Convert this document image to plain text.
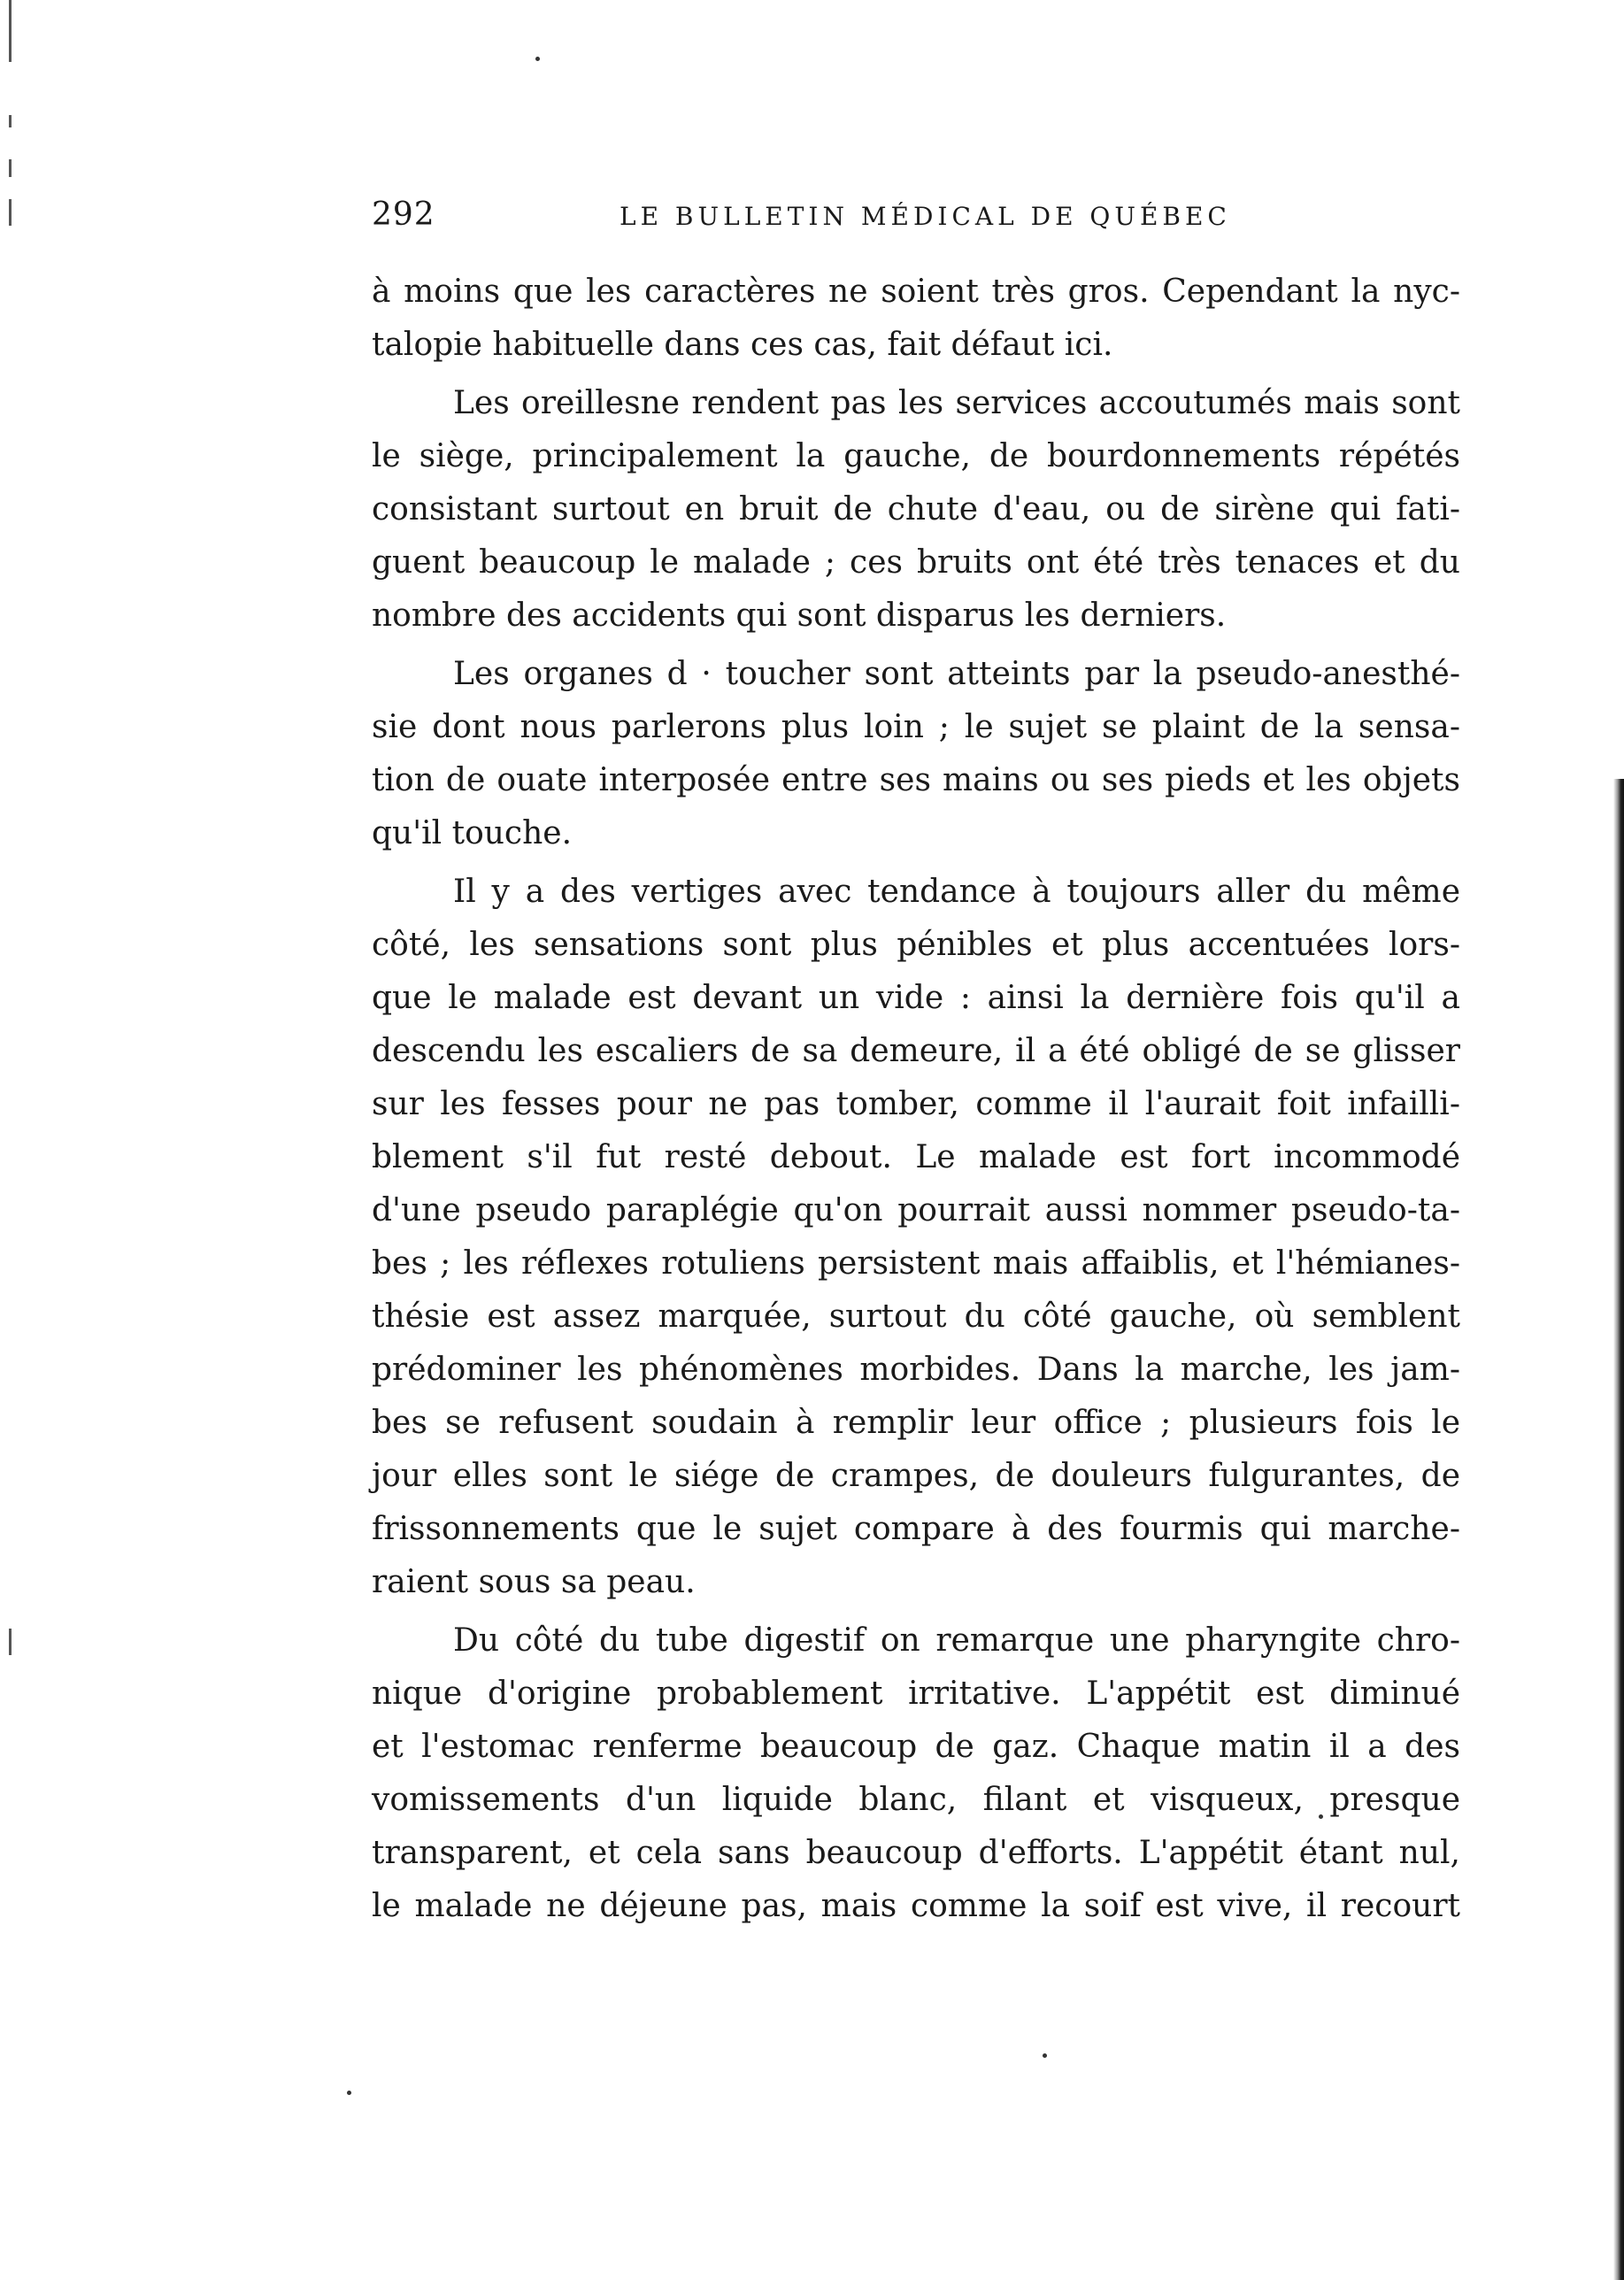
292	LE BULLETIN MÉDICAL DE QUÉBEC
à moins que les caractères ne soient très gros. Cependant la nyc-
talopie habituelle dans ces cas, fait défaut ici.
Les oreillesne rendent pas les services accoutumés mais sont
le siège, principalement la gauche, de bourdonnements répétés
consistant surtout en bruit de chute d'eau, ou de sirène qui fati-
guent beaucoup le malade ; ces bruits ont été très tenaces et du
nombre des accidents qui sont disparus les derniers.
Les organes d · toucher sont atteints par la pseudo-anesthé-
sie dont nous parlerons plus loin ; le sujet se plaint de la sensa-
tion de ouate interposée entre ses mains ou ses pieds et les objets
qu'il touche.
Il y a des vertiges avec tendance à toujours aller du même
côté, les sensations sont plus pénibles et plus accentuées lors-
que le malade est devant un vide : ainsi la dernière fois qu'il a
descendu les escaliers de sa demeure, il a été obligé de se glisser
sur les fesses pour ne pas tomber, comme il l'aurait foit infailli-
blement s'il fut resté debout. Le malade est fort incommodé
d'une pseudo paraplégie qu'on pourrait aussi nommer pseudo-ta-
bes ; les réflexes rotuliens persistent mais affaiblis, et l'hémianes-
thésie est assez marquée, surtout du côté gauche, où semblent
prédominer les phénomènes morbides. Dans la marche, les jam-
bes se refusent soudain à remplir leur office ; plusieurs fois le
jour elles sont le siége de crampes, de douleurs fulgurantes, de
frissonnements que le sujet compare à des fourmis qui marche-
raient sous sa peau.
Du côté du tube digestif on remarque une pharyngite chro-
nique d'origine probablement irritative. L'appétit est diminué
et l'estomac renferme beaucoup de gaz. Chaque matin il a des
vomissements d'un liquide blanc, filant et visqueux, presque
transparent, et cela sans beaucoup d'efforts. L'appétit étant nul,
le malade ne déjeune pas, mais comme la soif est vive, il recourt
